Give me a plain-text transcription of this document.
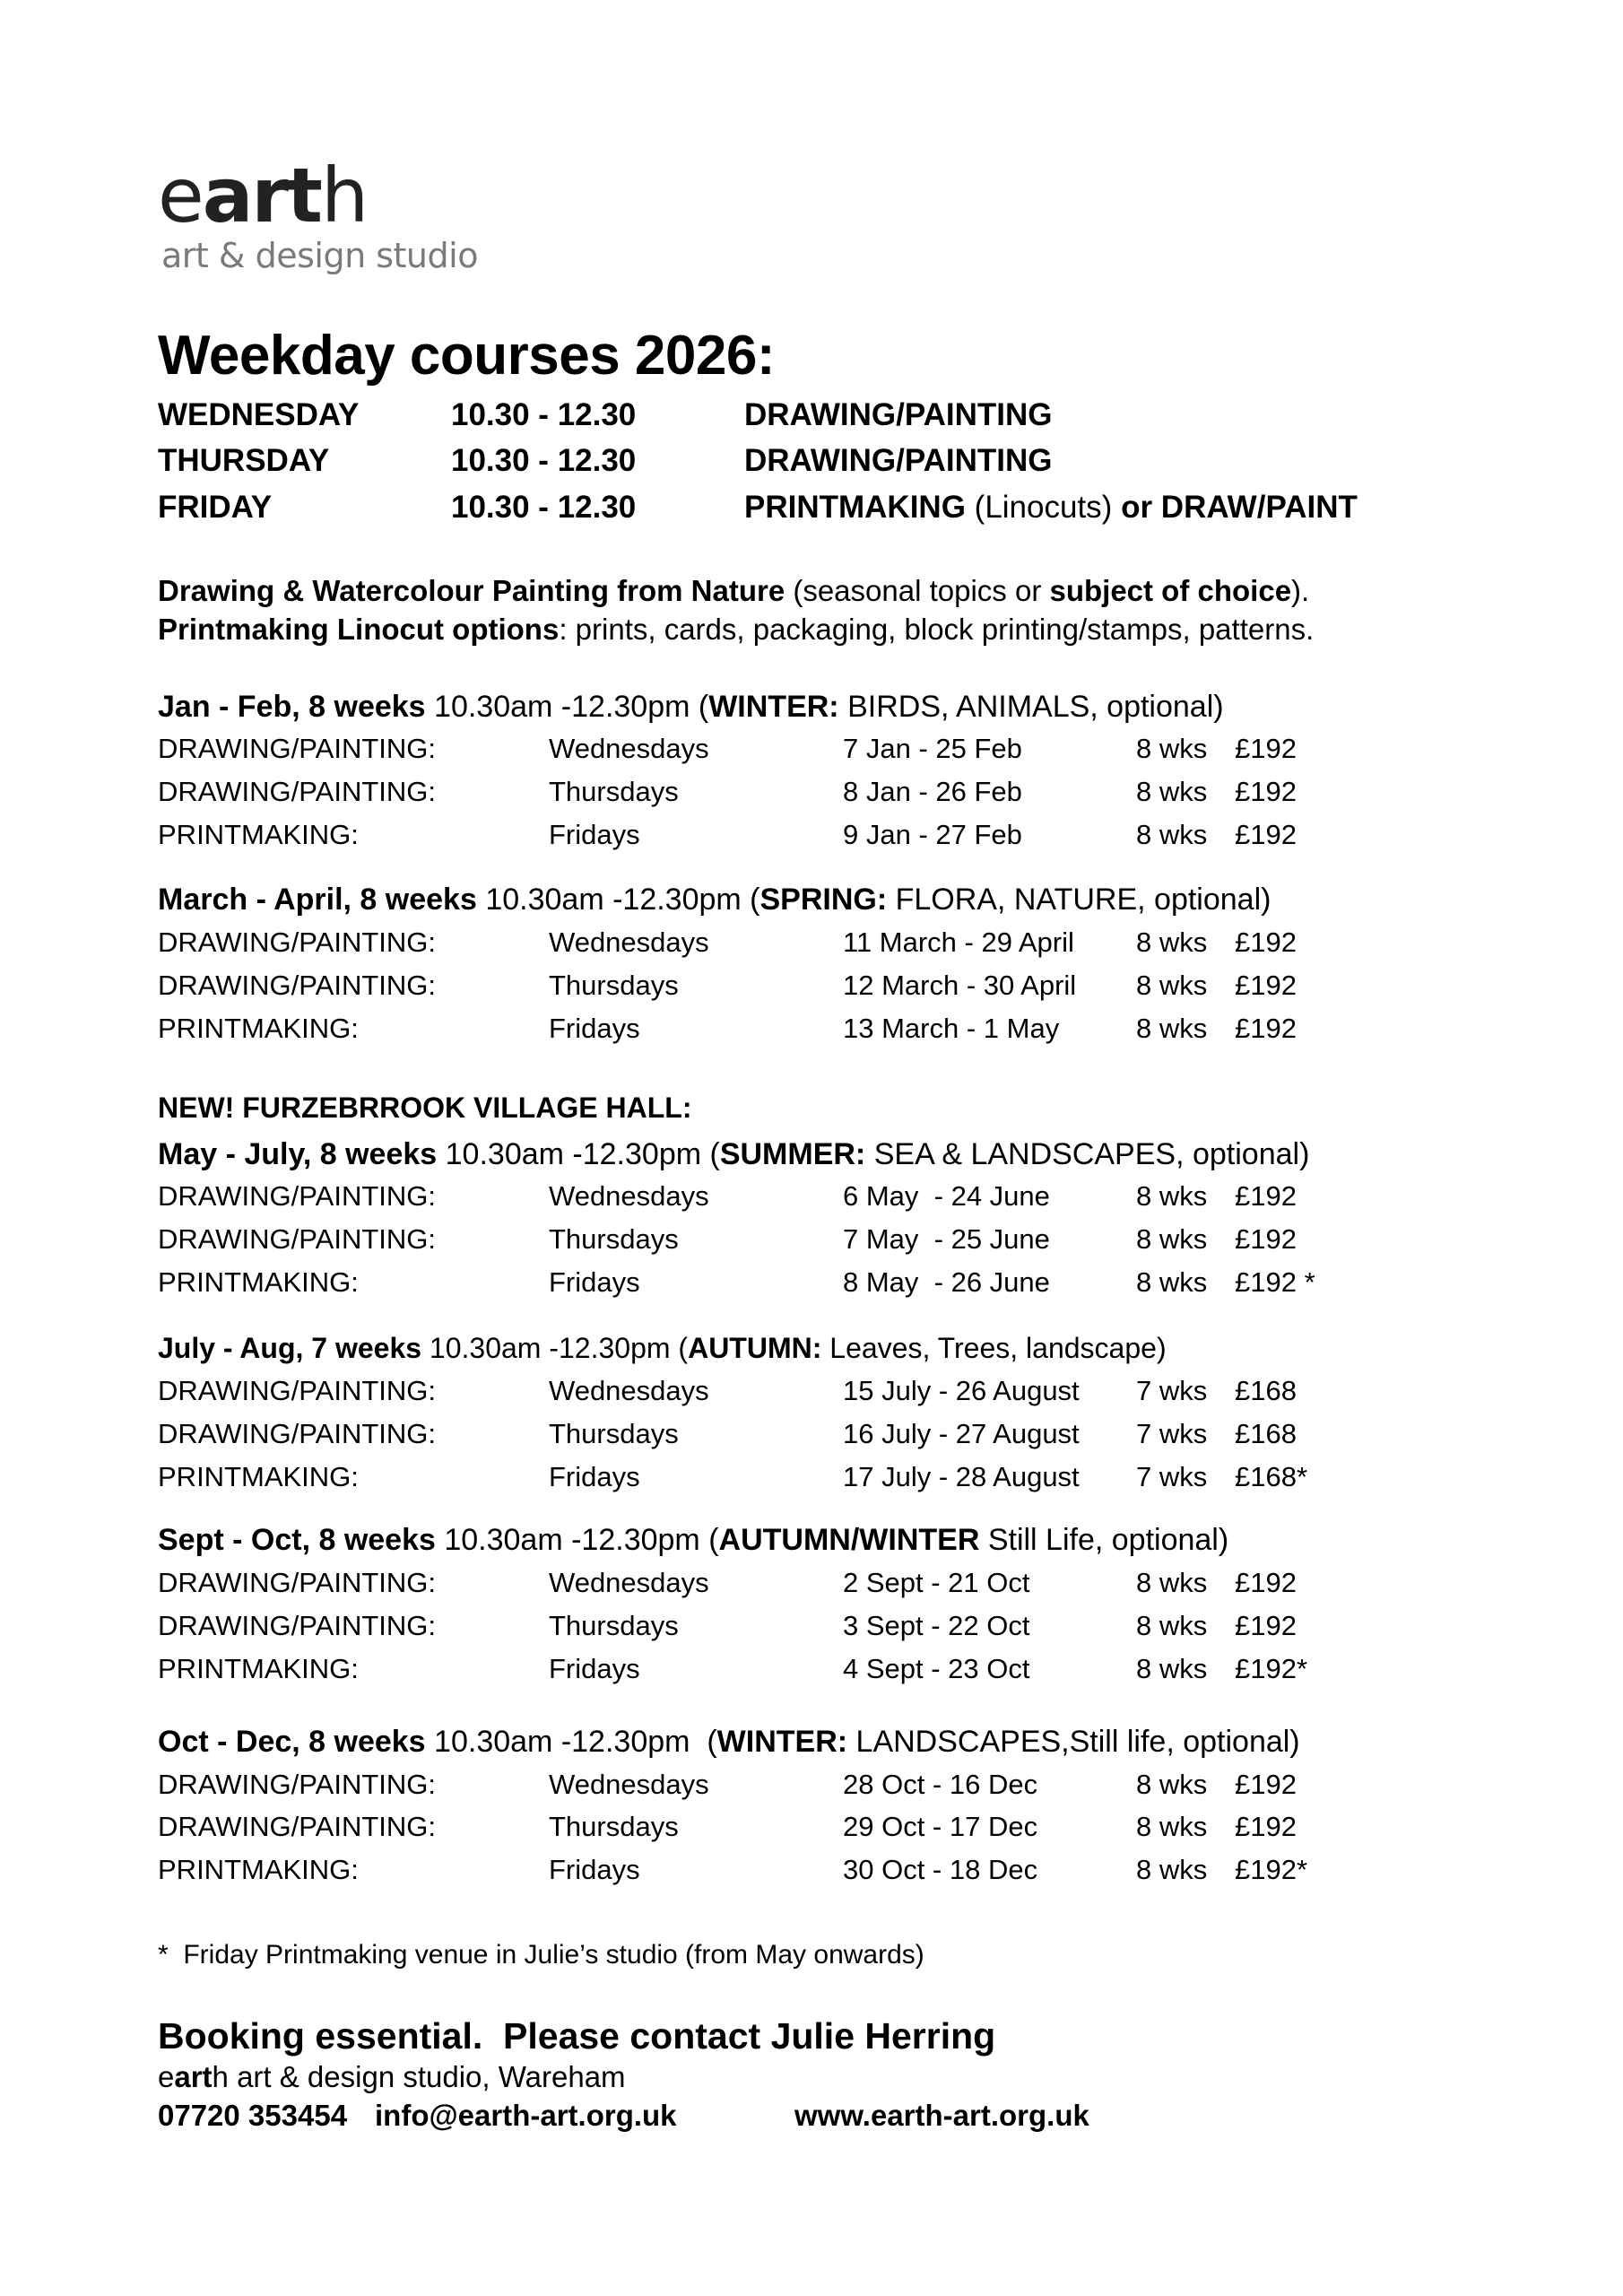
earth
art & design studio
Weekday courses 2026:
WEDNESDAY	10.30 - 12.30	DRAWING/PAINTING
THURSDAY	10.30 - 12.30	DRAWING/PAINTING
FRIDAY	10.30 - 12.30	PRINTMAKING (Linocuts) or DRAW/PAINT
Drawing & Watercolour Painting from Nature (seasonal topics or subject of choice).
Printmaking Linocut options: prints, cards, packaging, block printing/stamps, patterns.
Jan - Feb, 8 weeks 10.30am -12.30pm (WINTER: BIRDS, ANIMALS, optional)
DRAWING/PAINTING:	Wednesdays	7 Jan - 25 Feb	8 wks £192
DRAWING/PAINTING:	Thursdays	8 Jan - 26 Feb	8 wks £192
PRINTMAKING:	Fridays	9 Jan - 27 Feb	8 wks £192
March - April, 8 weeks 10.30am -12.30pm (SPRING: FLORA, NATURE, optional)
DRAWING/PAINTING:	Wednesdays	11 March - 29 April 8 wks £192
DRAWING/PAINTING:	Thursdays	12 March - 30 April 8 wks £192
PRINTMAKING:	Fridays	13 March - 1 May	8 wks £192
NEW! FURZEBRROOK VILLAGE HALL:
May - July, 8 weeks 10.30am -12.30pm (SUMMER: SEA & LANDSCAPES, optional)
DRAWING/PAINTING:	Wednesdays	6 May  - 24 June	8 wks £192
DRAWING/PAINTING:	Thursdays	7 May  - 25 June	8 wks £192
PRINTMAKING:	Fridays	8 May  - 26 June	8 wks £192 *
July - Aug, 7 weeks 10.30am -12.30pm (AUTUMN: Leaves, Trees, landscape)
DRAWING/PAINTING:	Wednesdays	15 July - 26 August 7 wks £168
DRAWING/PAINTING:	Thursdays	16 July - 27 August 7 wks £168
PRINTMAKING:	Fridays	17 July - 28 August 7 wks £168*
Sept - Oct, 8 weeks 10.30am -12.30pm (AUTUMN/WINTER Still Life, optional)
DRAWING/PAINTING:	Wednesdays	2 Sept - 21 Oct	8 wks £192
DRAWING/PAINTING:	Thursdays	3 Sept - 22 Oct	8 wks £192
PRINTMAKING:	Fridays	4 Sept - 23 Oct	8 wks £192*
Oct - Dec, 8 weeks 10.30am -12.30pm  (WINTER: LANDSCAPES,Still life, optional)
DRAWING/PAINTING:	Wednesdays	28 Oct - 16 Dec	8 wks £192
DRAWING/PAINTING:	Thursdays	29 Oct - 17 Dec	8 wks £192
PRINTMAKING:	Fridays	30 Oct - 18 Dec	8 wks £192*
*  Friday Printmaking venue in Julie’s studio (from May onwards)
Booking essential.  Please contact Julie Herring
earth art & design studio, Wareham
07720 353454 info@earth-art.org.uk	www.earth-art.org.uk
